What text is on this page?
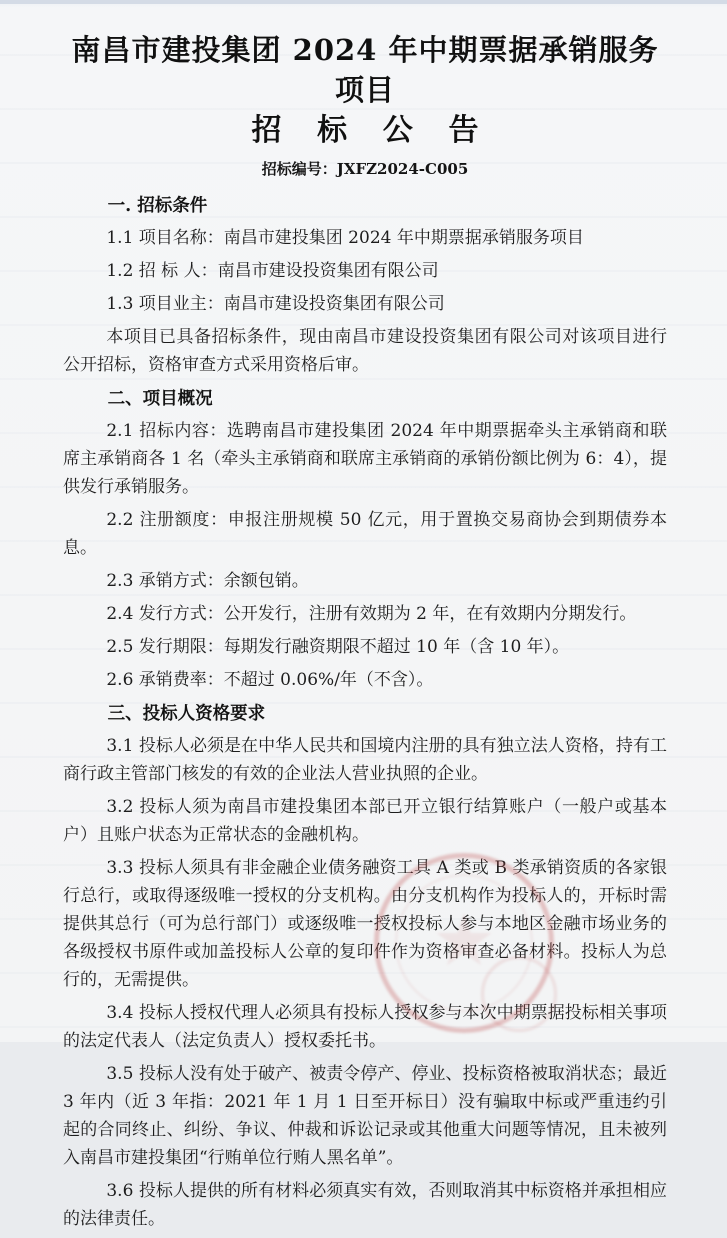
南昌市建投集团 2024 年中期票据承销服务项目
招 标 公 告
招标编号：JXFZ2024-C005

一. 招标条件

1.1 项目名称：南昌市建投集团 2024 年中期票据承销服务项目

1.2 招 标 人：南昌市建设投资集团有限公司

1.3 项目业主：南昌市建设投资集团有限公司

本项目已具备招标条件，现由南昌市建设投资集团有限公司对该项目进行公开招标，资格审查方式采用资格后审。

二、项目概况

2.1 招标内容：选聘南昌市建投集团 2024 年中期票据牵头主承销商和联席主承销商各 1 名（牵头主承销商和联席主承销商的承销份额比例为 6：4），提供发行承销服务。

2.2 注册额度：申报注册规模 50 亿元，用于置换交易商协会到期债券本息。

2.3 承销方式：余额包销。

2.4 发行方式：公开发行，注册有效期为 2 年，在有效期内分期发行。

2.5 发行期限：每期发行融资期限不超过 10 年（含 10 年）。

2.6 承销费率：不超过 0.06%/年（不含）。

三、投标人资格要求

3.1 投标人必须是在中华人民共和国境内注册的具有独立法人资格，持有工商行政主管部门核发的有效的企业法人营业执照的企业。

3.2 投标人须为南昌市建投集团本部已开立银行结算账户（一般户或基本户）且账户状态为正常状态的金融机构。

3.3 投标人须具有非金融企业债务融资工具 A 类或 B 类承销资质的各家银行总行，或取得逐级唯一授权的分支机构。由分支机构作为投标人的，开标时需提供其总行（可为总行部门）或逐级唯一授权投标人参与本地区金融市场业务的各级授权书原件或加盖投标人公章的复印件作为资格审查必备材料。投标人为总行的，无需提供。

3.4 投标人授权代理人必须具有投标人授权参与本次中期票据投标相关事项的法定代表人（法定负责人）授权委托书。

3.5 投标人没有处于破产、被责令停产、停业、投标资格被取消状态；最近 3 年内（近 3 年指：2021 年 1 月 1 日至开标日）没有骗取中标或严重违约引起的合同终止、纠纷、争议、仲裁和诉讼记录或其他重大问题等情况，且未被列入南昌市建投集团“行贿单位行贿人黑名单”。

3.6 投标人提供的所有材料必须真实有效，否则取消其中标资格并承担相应的法律责任。

★
